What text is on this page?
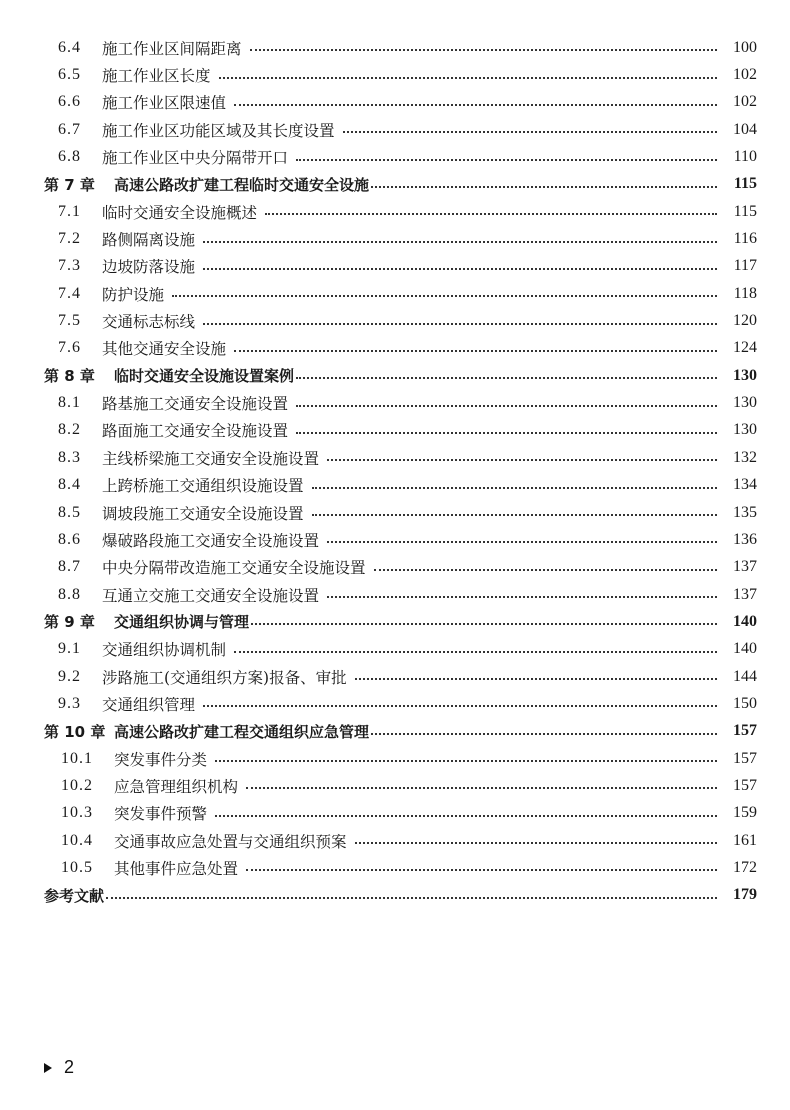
6.4	施工作业区间隔距离	100
6.5	施工作业区长度	102
6.6	施工作业区限速值	102
6.7	施工作业区功能区域及其长度设置	104
6.8	施工作业区中央分隔带开口	110
第 7 章	高速公路改扩建工程临时交通安全设施	115
7.1	临时交通安全设施概述	115
7.2	路侧隔离设施	116
7.3	边坡防落设施	117
7.4	防护设施	118
7.5	交通标志标线	120
7.6	其他交通安全设施	124
第 8 章	临时交通安全设施设置案例	130
8.1	路基施工交通安全设施设置	130
8.2	路面施工交通安全设施设置	130
8.3	主线桥梁施工交通安全设施设置	132
8.4	上跨桥施工交通组织设施设置	134
8.5	调坡段施工交通安全设施设置	135
8.6	爆破路段施工交通安全设施设置	136
8.7	中央分隔带改造施工交通安全设施设置	137
8.8	互通立交施工交通安全设施设置	137
第 9 章	交通组织协调与管理	140
9.1	交通组织协调机制	140
9.2	涉路施工(交通组织方案)报备、审批	144
9.3	交通组织管理	150
第 10 章 高速公路改扩建工程交通组织应急管理	157
10.1	突发事件分类	157
10.2	应急管理组织机构	157
10.3	突发事件预警	159
10.4	交通事故应急处置与交通组织预案	161
10.5	其他事件应急处置	172
参考文献	179
2
